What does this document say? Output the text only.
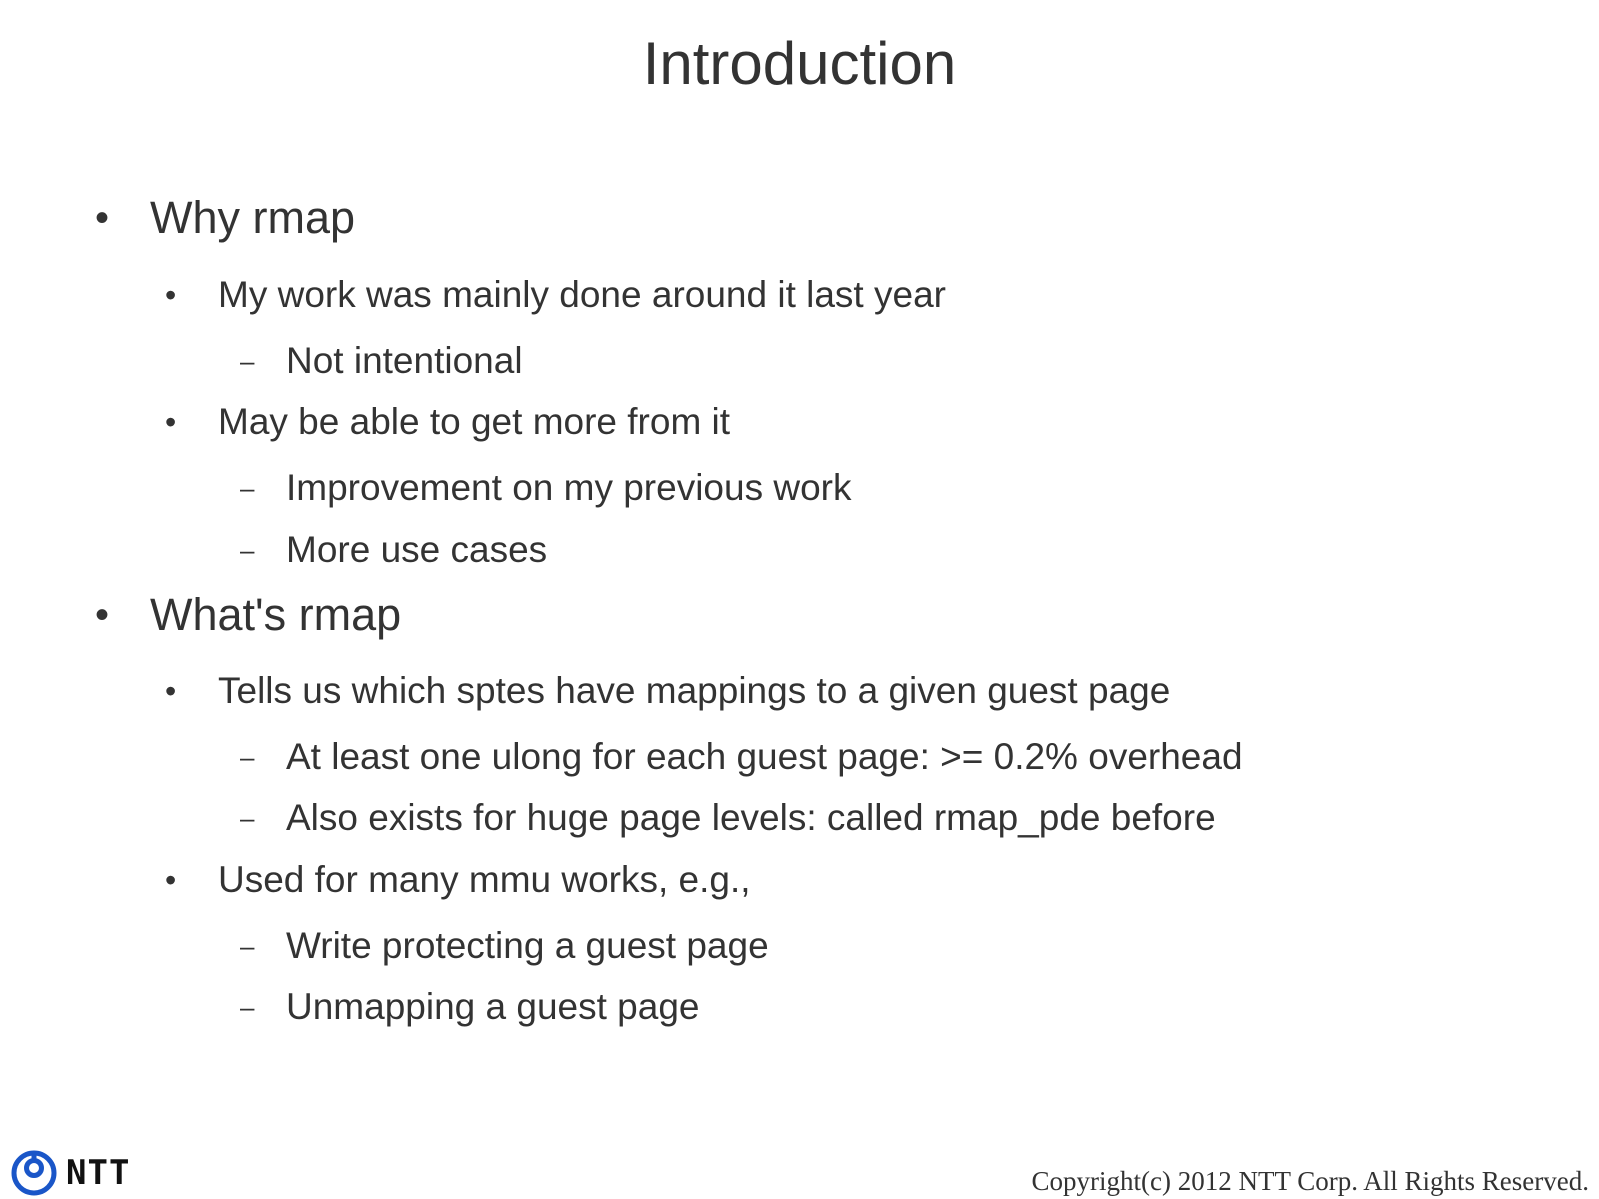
Introduction
• Why rmap
• My work was mainly done around it last year
– Not intentional
• May be able to get more from it
– Improvement on my previous work
– More use cases
• What's rmap
• Tells us which sptes have mappings to a given guest page
– At least one ulong for each guest page: >= 0.2% overhead
– Also exists for huge page levels: called rmap_pde before
• Used for many mmu works, e.g.,
– Write protecting a guest page
– Unmapping a guest page
NTT	Copyright(c) 2012 NTT Corp. All Rights Reserved.
